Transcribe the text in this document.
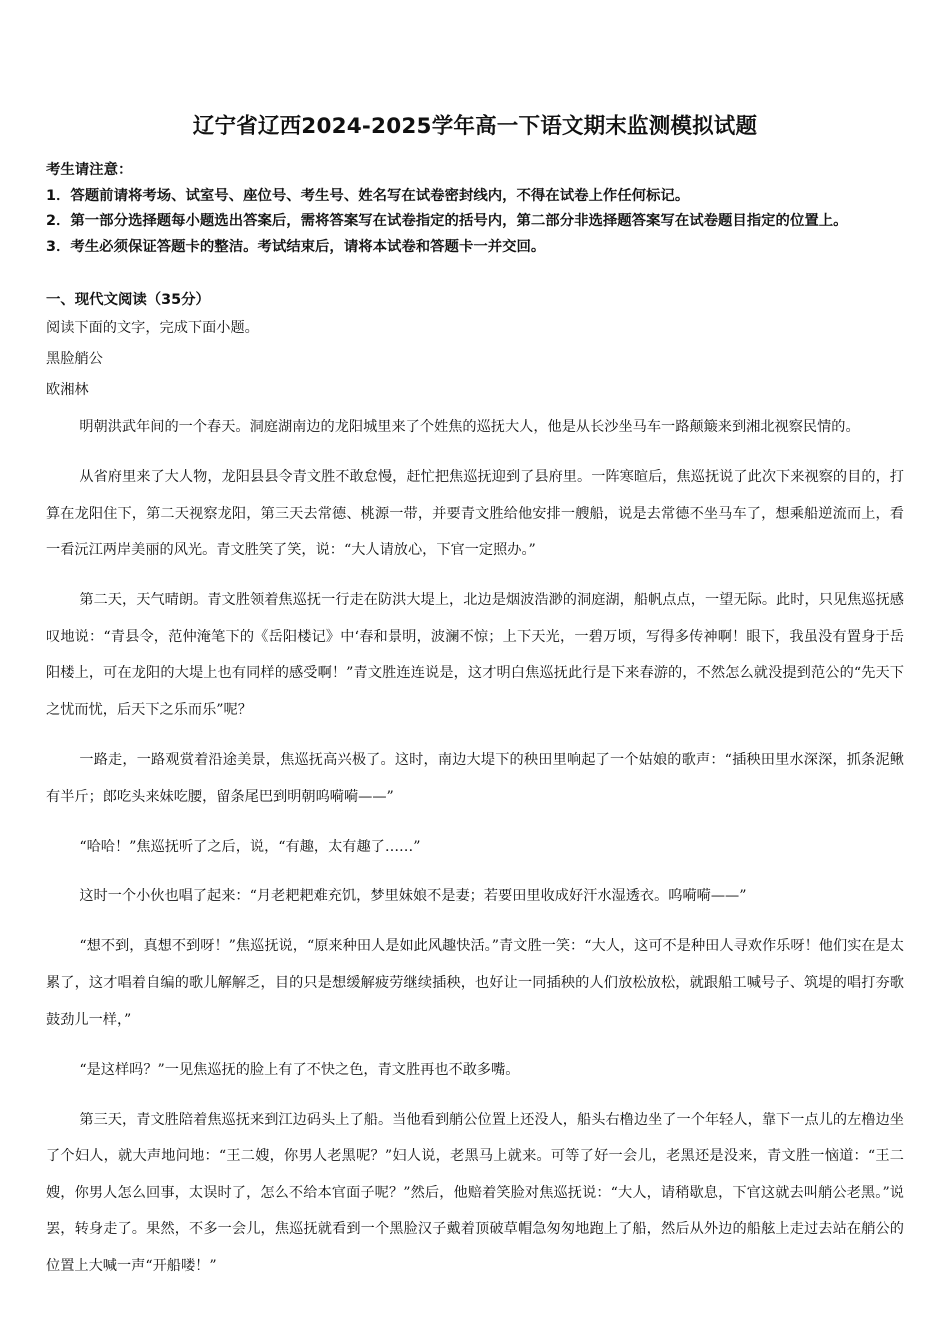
辽宁省辽西2024-2025学年高一下语文期末监测模拟试题

考生请注意：

1．答题前请将考场、试室号、座位号、考生号、姓名写在试卷密封线内，不得在试卷上作任何标记。

2．第一部分选择题每小题选出答案后，需将答案写在试卷指定的括号内，第二部分非选择题答案写在试卷题目指定的位置上。

3．考生必须保证答题卡的整洁。考试结束后，请将本试卷和答题卡一并交回。

一、现代文阅读（35分）
阅读下面的文字，完成下面小题。
黑脸艄公
欧湘林

明朝洪武年间的一个春天。洞庭湖南边的龙阳城里来了个姓焦的巡抚大人，他是从长沙坐马车一路颠簸来到湘北视察民情的。

从省府里来了大人物，龙阳县县令青文胜不敢怠慢，赶忙把焦巡抚迎到了县府里。一阵寒暄后，焦巡抚说了此次下来视察的目的，打算在龙阳住下，第二天视察龙阳，第三天去常德、桃源一带，并要青文胜给他安排一艘船，说是去常德不坐马车了，想乘船逆流而上，看一看沅江两岸美丽的风光。青文胜笑了笑，说：“大人请放心，下官一定照办。”

第二天，天气晴朗。青文胜领着焦巡抚一行走在防洪大堤上，北边是烟波浩渺的洞庭湖，船帆点点，一望无际。此时，只见焦巡抚感叹地说：“青县令，范仲淹笔下的《岳阳楼记》中‘春和景明，波澜不惊；上下天光，一碧万顷，写得多传神啊！眼下，我虽没有置身于岳阳楼上，可在龙阳的大堤上也有同样的感受啊！”青文胜连连说是，这才明白焦巡抚此行是下来春游的，不然怎么就没提到范公的“先天下之忧而忧，后天下之乐而乐”呢？

一路走，一路观赏着沿途美景，焦巡抚高兴极了。这时，南边大堤下的秧田里响起了一个姑娘的歌声：“插秧田里水深深，抓条泥鳅有半斤；郎吃头来妹吃腰，留条尾巴到明朝呜嗬嗬——”

“哈哈！”焦巡抚听了之后，说，“有趣，太有趣了……”

这时一个小伙也唱了起来：“月老耙耙难充饥，梦里妹娘不是妻；若要田里收成好汗水湿透衣。呜嗬嗬——”

“想不到，真想不到呀！”焦巡抚说，“原来种田人是如此风趣快活。”青文胜一笑：“大人，这可不是种田人寻欢作乐呀！他们实在是太累了，这才唱着自编的歌儿解解乏，目的只是想缓解疲劳继续插秧，也好让一同插秧的人们放松放松，就跟船工喊号子、筑堤的唱打夯歌鼓劲儿一样，”

“是这样吗？”一见焦巡抚的脸上有了不快之色，青文胜再也不敢多嘴。

第三天，青文胜陪着焦巡抚来到江边码头上了船。当他看到艄公位置上还没人，船头右橹边坐了一个年轻人，靠下一点儿的左橹边坐了个妇人，就大声地问地：“王二嫂，你男人老黑呢？”妇人说，老黑马上就来。可等了好一会儿，老黑还是没来，青文胜一恼道：“王二嫂，你男人怎么回事，太误时了，怎么不给本官面子呢？”然后，他赔着笑脸对焦巡抚说：“大人，请稍歇息，下官这就去叫艄公老黑。”说罢，转身走了。果然，不多一会儿，焦巡抚就看到一个黑脸汉子戴着顶破草帽急匆匆地跑上了船，然后从外边的船舷上走过去站在艄公的位置上大喊一声“开船喽！”
